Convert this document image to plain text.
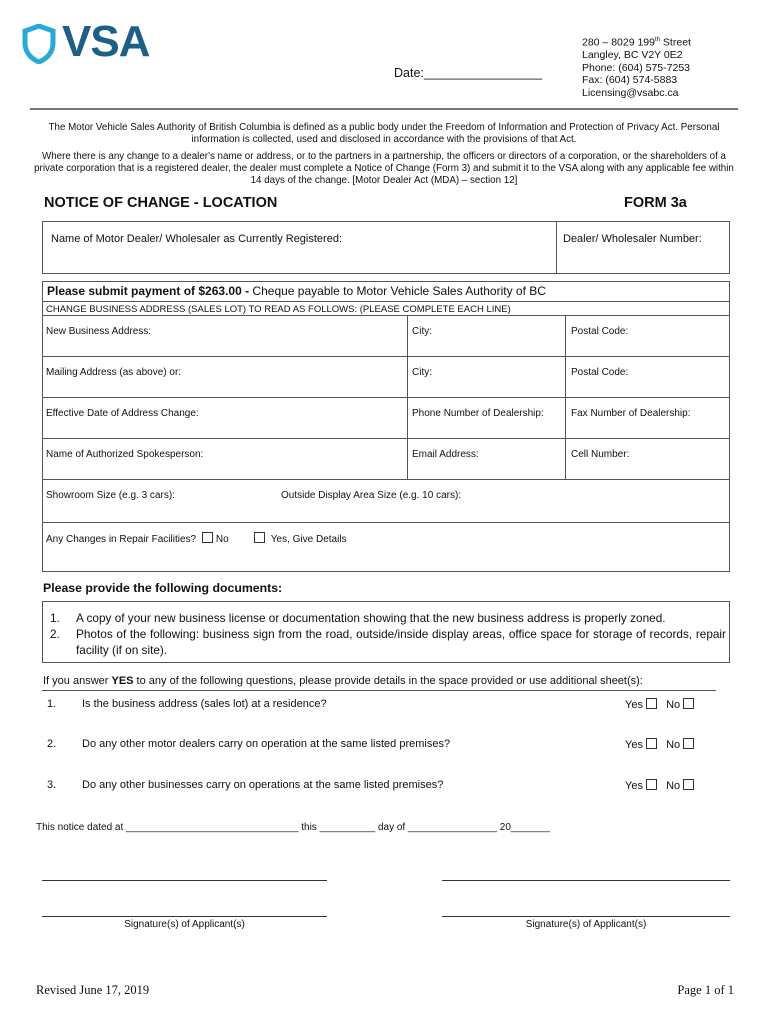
VSA
Date:_________________
280 – 8029 199th Street
Langley, BC V2Y 0E2
Phone: (604) 575-7253
Fax: (604) 574-5883
Licensing@vsabc.ca
The Motor Vehicle Sales Authority of British Columbia is defined as a public body under the Freedom of Information and Protection of Privacy Act. Personal information is collected, used and disclosed in accordance with the provisions of that Act.
Where there is any change to a dealer's name or address, or to the partners in a partnership, the officers or directors of a corporation, or the shareholders of a private corporation that is a registered dealer, the dealer must complete a Notice of Change (Form 3) and submit it to the VSA along with any applicable fee within 14 days of the change. [Motor Dealer Act (MDA) – section 12]
NOTICE OF CHANGE - LOCATION	FORM 3a
Name of Motor Dealer/ Wholesaler as Currently Registered:	Dealer/ Wholesaler Number:
Please submit payment of $263.00 - Cheque payable to Motor Vehicle Sales Authority of BC
CHANGE BUSINESS ADDRESS (SALES LOT) TO READ AS FOLLOWS: (PLEASE COMPLETE EACH LINE)
New Business Address:	City:	Postal Code:
Mailing Address (as above) or:	City:	Postal Code:
Effective Date of Address Change:	Phone Number of Dealership:	Fax Number of Dealership:
Name of Authorized Spokesperson:	Email Address:	Cell Number:
Showroom Size (e.g. 3 cars):	Outside Display Area Size (e.g. 10 cars):
Any Changes in Repair Facilities? No	Yes, Give Details
Please provide the following documents:
1.	A copy of your new business license or documentation showing that the new business address is properly zoned.
2.	Photos of the following: business sign from the road, outside/inside display areas, office space for storage of records, repair facility (if on site).
If you answer YES to any of the following questions, please provide details in the space provided or use additional sheet(s):
1. Is the business address (sales lot) at a residence?	Yes No
2. Do any other motor dealers carry on operation at the same listed premises?	Yes No
3. Do any other businesses carry on operations at the same listed premises?	Yes No
This notice dated at _______________________________ this __________ day of ________________ 20_______
Signature(s) of Applicant(s)	Signature(s) of Applicant(s)
Revised June 17, 2019	Page 1 of 1
